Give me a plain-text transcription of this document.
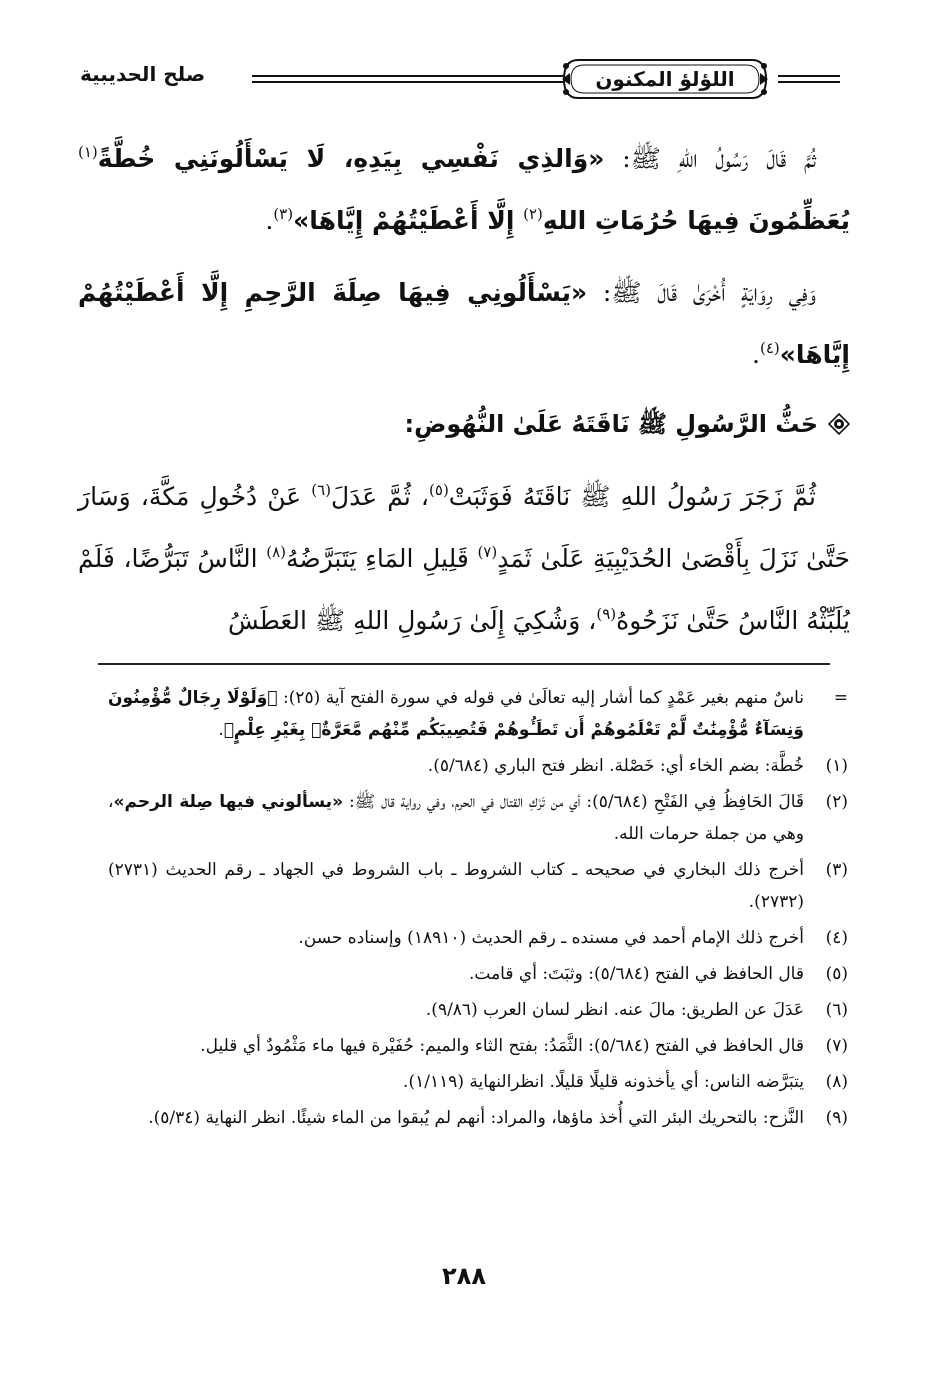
اللؤلؤ المكنون
صلح الحديبية

ثُمَّ قَالَ رَسُولُ اللهِ ﷺ: «وَالذِي نَفْسِي بِيَدِهِ، لَا يَسْأَلُونَنِي خُطَّةً$^{(١)}$ يُعَظِّمُونَ فِيهَا حُرُمَاتِ اللهِ$^{(٢)}$ إِلَّا أَعْطَيْتُهُمْ إِيَّاهَا»$^{(٣)}$.

وَفِي رِوَايَةٍ أُخْرَىٰ قَالَ ﷺ: «يَسْأَلُونِي فِيهَا صِلَةَ الرَّحِمِ إِلَّا أَعْطَيْتُهُمْ إِيَّاهَا»$^{(٤)}$.

حَثُّ الرَّسُولِ ﷺ نَاقَتَهُ عَلَىٰ النُّهُوضِ:

ثُمَّ زَجَرَ رَسُولُ اللهِ ﷺ نَاقَتَهُ فَوَثَبَتْ$^{(٥)}$، ثُمَّ عَدَلَ$^{(٦)}$ عَنْ دُخُولِ مَكَّةَ، وَسَارَ حَتَّىٰ نَزَلَ بِأَقْصَىٰ الحُدَيْبِيَةِ عَلَىٰ ثَمَدٍ$^{(٧)}$ قَلِيلِ المَاءِ يَتَبَرَّضُهُ$^{(٨)}$ النَّاسُ تَبَرُّضًا، فَلَمْ يُلَبِّثْهُ النَّاسُ حَتَّىٰ نَزَحُوهُ$^{(٩)}$، وَشُكِيَ إِلَىٰ رَسُولِ اللهِ ﷺ العَطَشُ

=
ناسٌ منهم بغير عَمْدٍ كما أشار إليه تعالَىٰ في قوله في سورة الفتح آية (٢٥): ﴿وَلَوْلَا رِجَالٌ مُّؤْمِنُونَ وَنِسَآءٌ مُّؤْمِنَٰتٌ لَّمْ تَعْلَمُوهُمْ أَن تَطَـُٔوهُمْ فَتُصِيبَكُم مِّنْهُم مَّعَرَّةٌۢ بِغَيْرِ عِلْمٍ﴾.
(١)
خُطَّة: بضم الخاء أي: خَصْلة. انظر فتح الباري (٥/٦٨٤).
(٢)
قَالَ الحَافِظُ فِي الفَتْحِ (٥/٦٨٤): أي من تَرْكِ القتال في الحرم، وفي رواية قال ﷺ: «يسألوني فيها صِلة الرحم»، وهي من جملة حرمات الله.
(٣)
أخرج ذلك البخاري في صحيحه ـ كتاب الشروط ـ باب الشروط في الجهاد ـ رقم الحديث (٢٧٣١) (٢٧٣٢).
(٤)
أخرج ذلك الإمام أحمد في مسنده ـ رقم الحديث (١٨٩١٠) وإسناده حسن.
(٥)
قال الحافظ في الفتح (٥/٦٨٤): وثبَتَ: أي قامت.
(٦)
عَدَلَ عن الطريق: مالَ عنه. انظر لسان العرب (٩/٨٦).
(٧)
قال الحافظ في الفتح (٥/٦٨٤): الثَّمَدُ: بفتح الثاء والميم: حُفَيْرة فيها ماء مَثْمُودٌ أي قليل.
(٨)
يتبَرَّضه الناس: أي يأخذونه قليلًا قليلًا. انظرالنهاية (١/١١٩).
(٩)
النَّزح: بالتحريك البئر التي أُخذ ماؤها، والمراد: أنهم لم يُبقوا من الماء شيئًا. انظر النهاية (٥/٣٤).
٢٨٨
